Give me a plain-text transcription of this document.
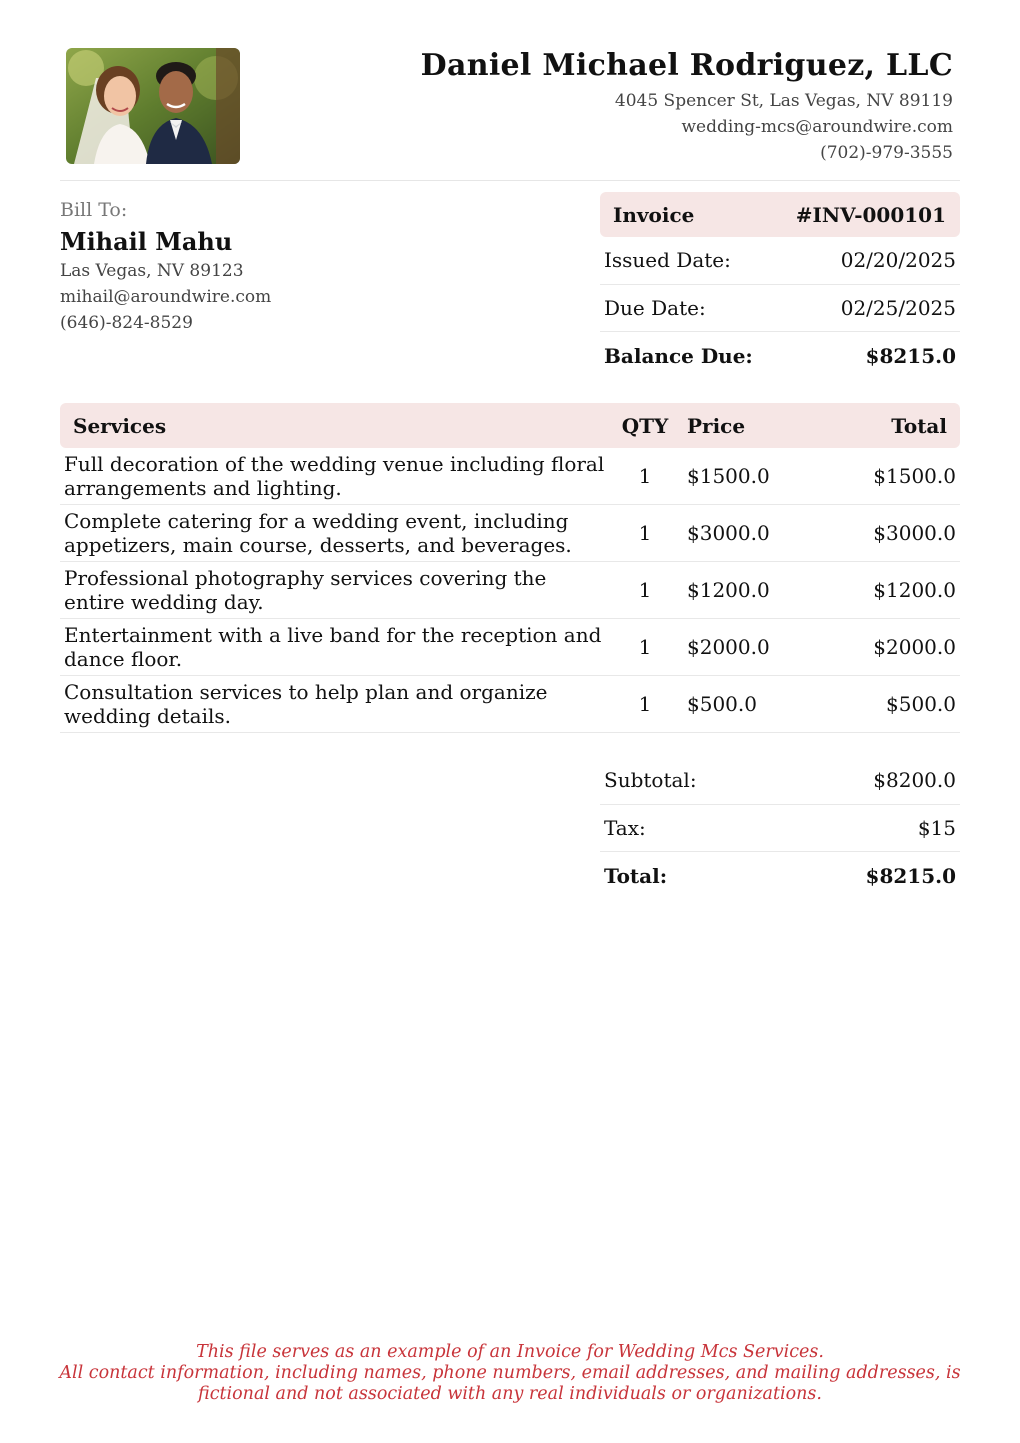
Daniel Michael Rodriguez, LLC
4045 Spencer St, Las Vegas, NV 89119
wedding-mcs@aroundwire.com
(702)-979-3555
Bill To:
Mihail Mahu
Las Vegas, NV 89123
mihail@aroundwire.com
(646)-824-8529
Invoice	#INV-000101
Issued Date:	02/20/2025
Due Date:	02/25/2025
Balance Due:	$8215.0
Services	QTY Price	Total
Full decoration of the wedding venue including floral arrangements and lighting.	1	$1500.0	$1500.0
Complete catering for a wedding event, including appetizers, main course, desserts, and beverages.	1	$3000.0	$3000.0
Professional photography services covering the entire wedding day.	1	$1200.0	$1200.0
Entertainment with a live band for the reception and dance floor.	1	$2000.0	$2000.0
Consultation services to help plan and organize wedding details.	1	$500.0	$500.0
Subtotal:	$8200.0
Tax:	$15
Total:	$8215.0
This file serves as an example of an Invoice for Wedding Mcs Services.
All contact information, including names, phone numbers, email addresses, and mailing addresses, is
fictional and not associated with any real individuals or organizations.
